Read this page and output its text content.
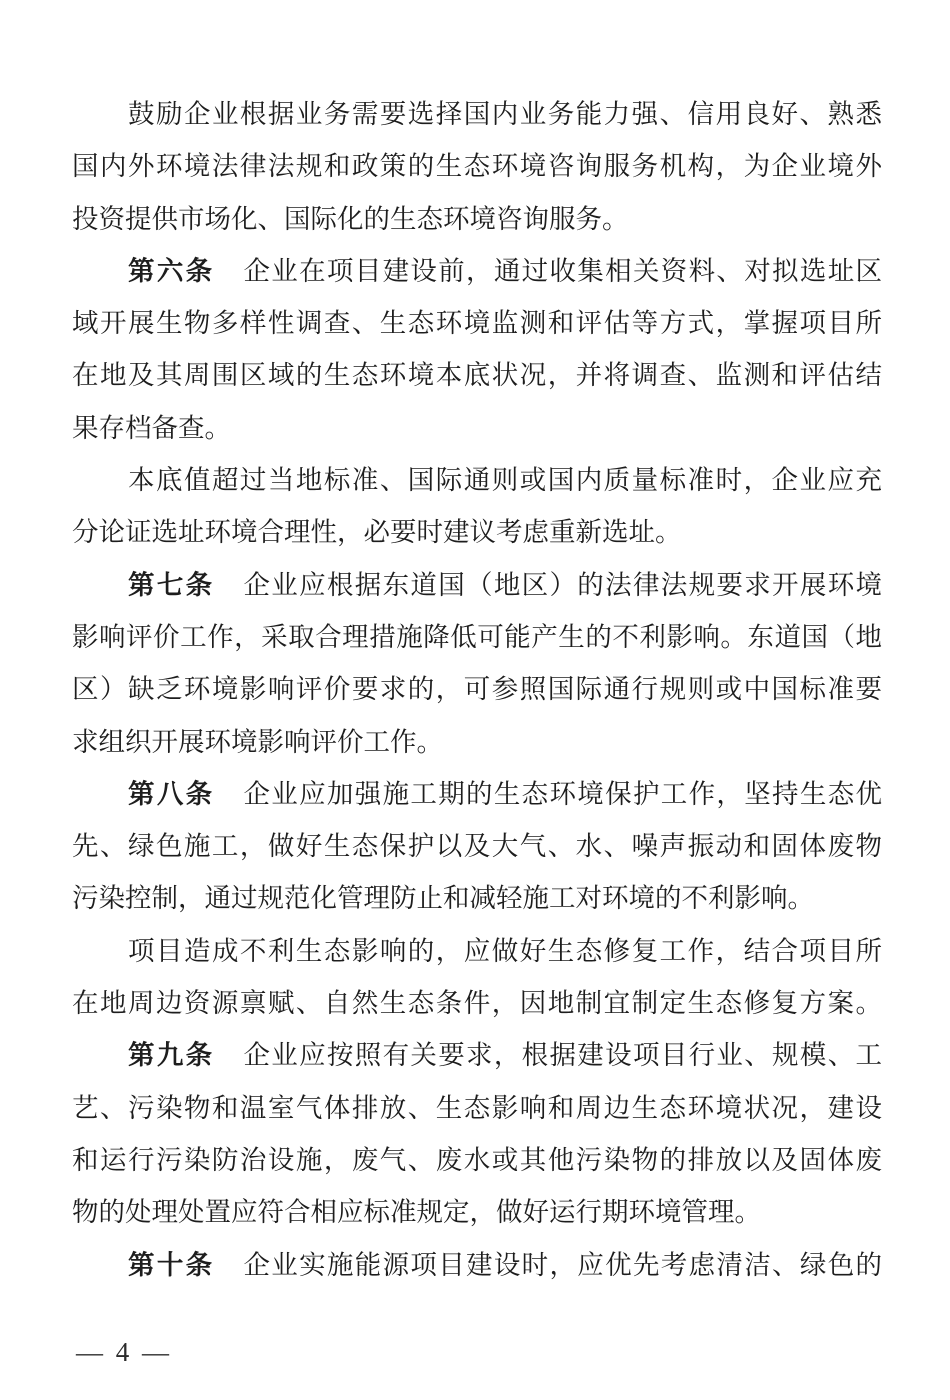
鼓励企业根据业务需要选择国内业务能力强、信用良好、熟悉
国内外环境法律法规和政策的生态环境咨询服务机构，为企业境外
投资提供市场化、国际化的生态环境咨询服务。
第六条 企业在项目建设前，通过收集相关资料、对拟选址区
域开展生物多样性调查、生态环境监测和评估等方式，掌握项目所
在地及其周围区域的生态环境本底状况，并将调查、监测和评估结
果存档备查。
本底值超过当地标准、国际通则或国内质量标准时，企业应充
分论证选址环境合理性，必要时建议考虑重新选址。
第七条 企业应根据东道国（地区）的法律法规要求开展环境
影响评价工作，采取合理措施降低可能产生的不利影响。东道国（地
区）缺乏环境影响评价要求的，可参照国际通行规则或中国标准要
求组织开展环境影响评价工作。
第八条 企业应加强施工期的生态环境保护工作，坚持生态优
先、绿色施工，做好生态保护以及大气、水、噪声振动和固体废物
污染控制，通过规范化管理防止和减轻施工对环境的不利影响。
项目造成不利生态影响的，应做好生态修复工作，结合项目所
在地周边资源禀赋、自然生态条件，因地制宜制定生态修复方案。
第九条 企业应按照有关要求，根据建设项目行业、规模、工
艺、污染物和温室气体排放、生态影响和周边生态环境状况，建设
和运行污染防治设施，废气、废水或其他污染物的排放以及固体废
物的处理处置应符合相应标准规定，做好运行期环境管理。
第十条 企业实施能源项目建设时，应优先考虑清洁、绿色的
— 4 —
